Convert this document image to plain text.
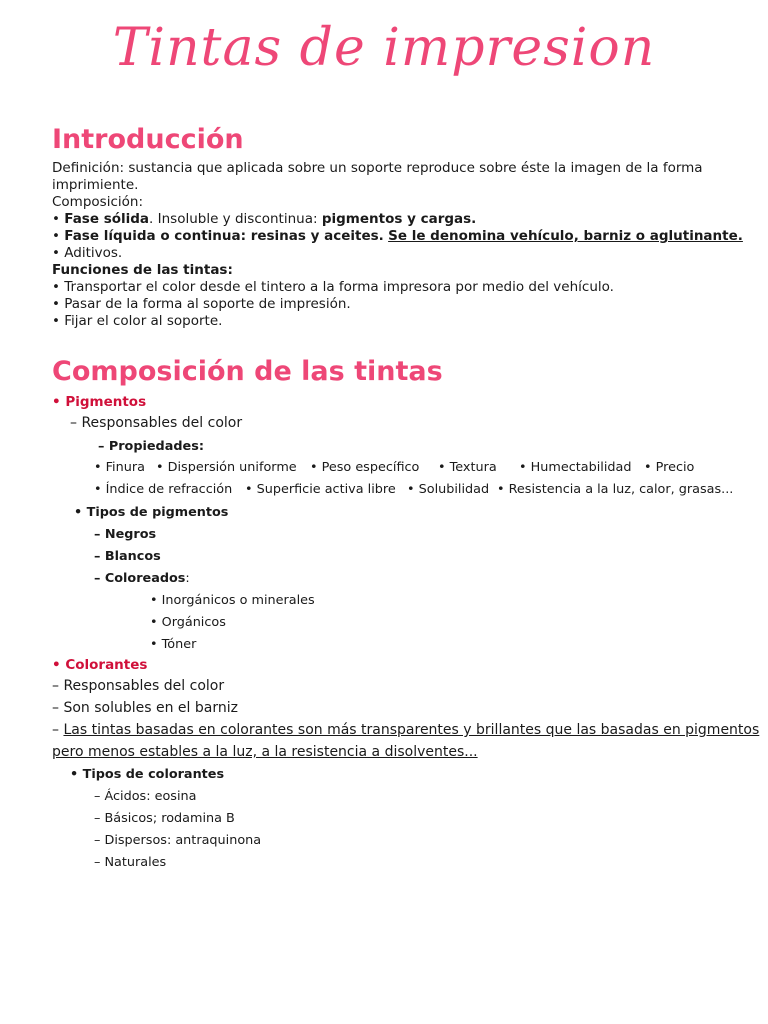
Tintas de impresion
Introducción
Definición: sustancia que aplicada sobre un soporte reproduce sobre éste la imagen de la forma
imprimiente.
Composición:
• Fase sólida. Insoluble y discontinua: pigmentos y cargas.
• Fase líquida o continua: resinas y aceites. Se le denomina vehículo, barniz o aglutinante.
• Aditivos.
Funciones de las tintas:
• Transportar el color desde el tintero a la forma impresora por medio del vehículo.
• Pasar de la forma al soporte de impresión.
• Fijar el color al soporte.
Composición de las tintas
• Pigmentos
– Responsables del color
– Propiedades:
• Finura • Dispersión uniforme	• Peso específico	• Textura	• Humectabilidad • Precio
• Índice de refracción • Superficie activa libre • Solubilidad • Resistencia a la luz, calor, grasas...
• Tipos de pigmentos
– Negros
– Blancos
– Coloreados:
• Inorgánicos o minerales
• Orgánicos
• Tóner
• Colorantes
– Responsables del color
– Son solubles en el barniz
– Las tintas basadas en colorantes son más transparentes y brillantes que las basadas en pigmentos
pero menos estables a la luz, a la resistencia a disolventes...
• Tipos de colorantes
– Ácidos: eosina
– Básicos; rodamina B
– Dispersos: antraquinona
– Naturales
